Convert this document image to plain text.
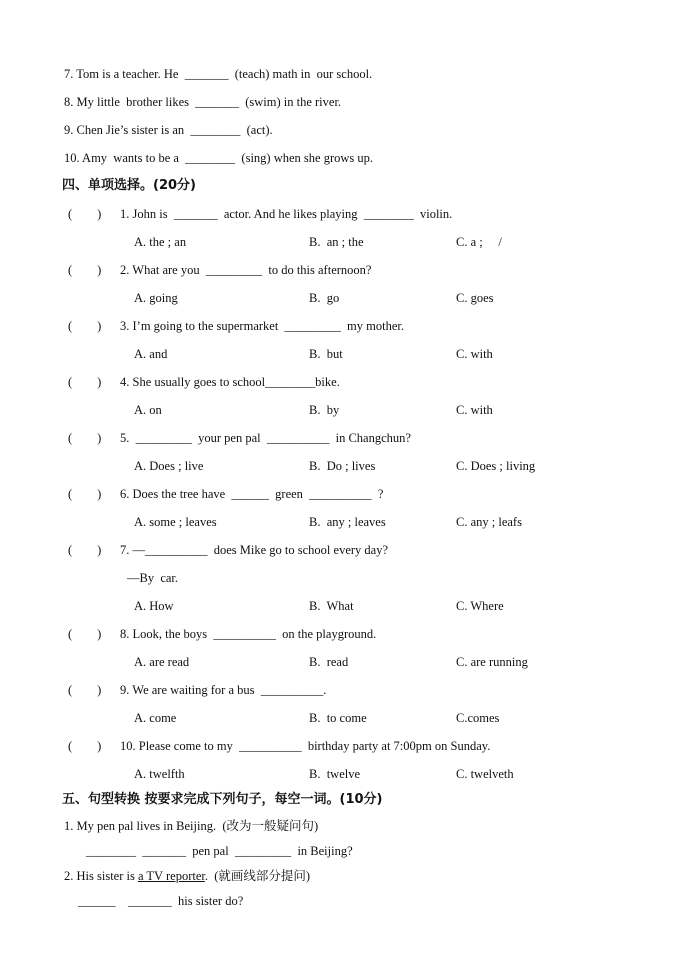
7. Tom is a teacher. He  _______  (teach) math in  our school.
8. My little  brother likes  _______  (swim) in the river.
9. Chen Jie’s sister is an  ________  (act).
10. Amy  wants to be a  ________  (sing) when she grows up.
四、单项选择。(20分)
(        ) 1. John is  _______  actor. And he likes playing  ________  violin.
A. the ; an	B.  an ; the	C. a ;     /
(        ) 2. What are you  _________  to do this afternoon?
A. going	B.  go	C. goes
(        ) 3. I’m going to the supermarket  _________  my mother.
A. and	B.  but	C. with
(        ) 4. She usually goes to school________bike.
A. on	B.  by	C. with
(        ) 5.  _________  your pen pal  __________  in Changchun?
A. Does ; live	B.  Do ; lives	C. Does ; living
(        ) 6. Does the tree have  ______  green  __________  ?
A. some ; leaves	B.  any ; leaves	C. any ; leafs
(        ) 7. —__________  does Mike go to school every day?
—By  car.
A. How	B.  What	C. Where
(        ) 8. Look, the boys  __________  on the playground.
A. are read	B.  read	C. are running
(        ) 9. We are waiting for a bus  __________.
A. come	B.  to come	C.comes
(        ) 10. Please come to my  __________  birthday party at 7:00pm on Sunday.
A. twelfth	B.  twelve	C. twelveth
五、句型转换 按要求完成下列句子，每空一词。(10分)
1. My pen pal lives in Beijing.  (改为一般疑问句)
________  _______  pen pal  _________  in Beijing?
2. His sister is a TV reporter.  (就画线部分提问)
______    _______  his sister do?
